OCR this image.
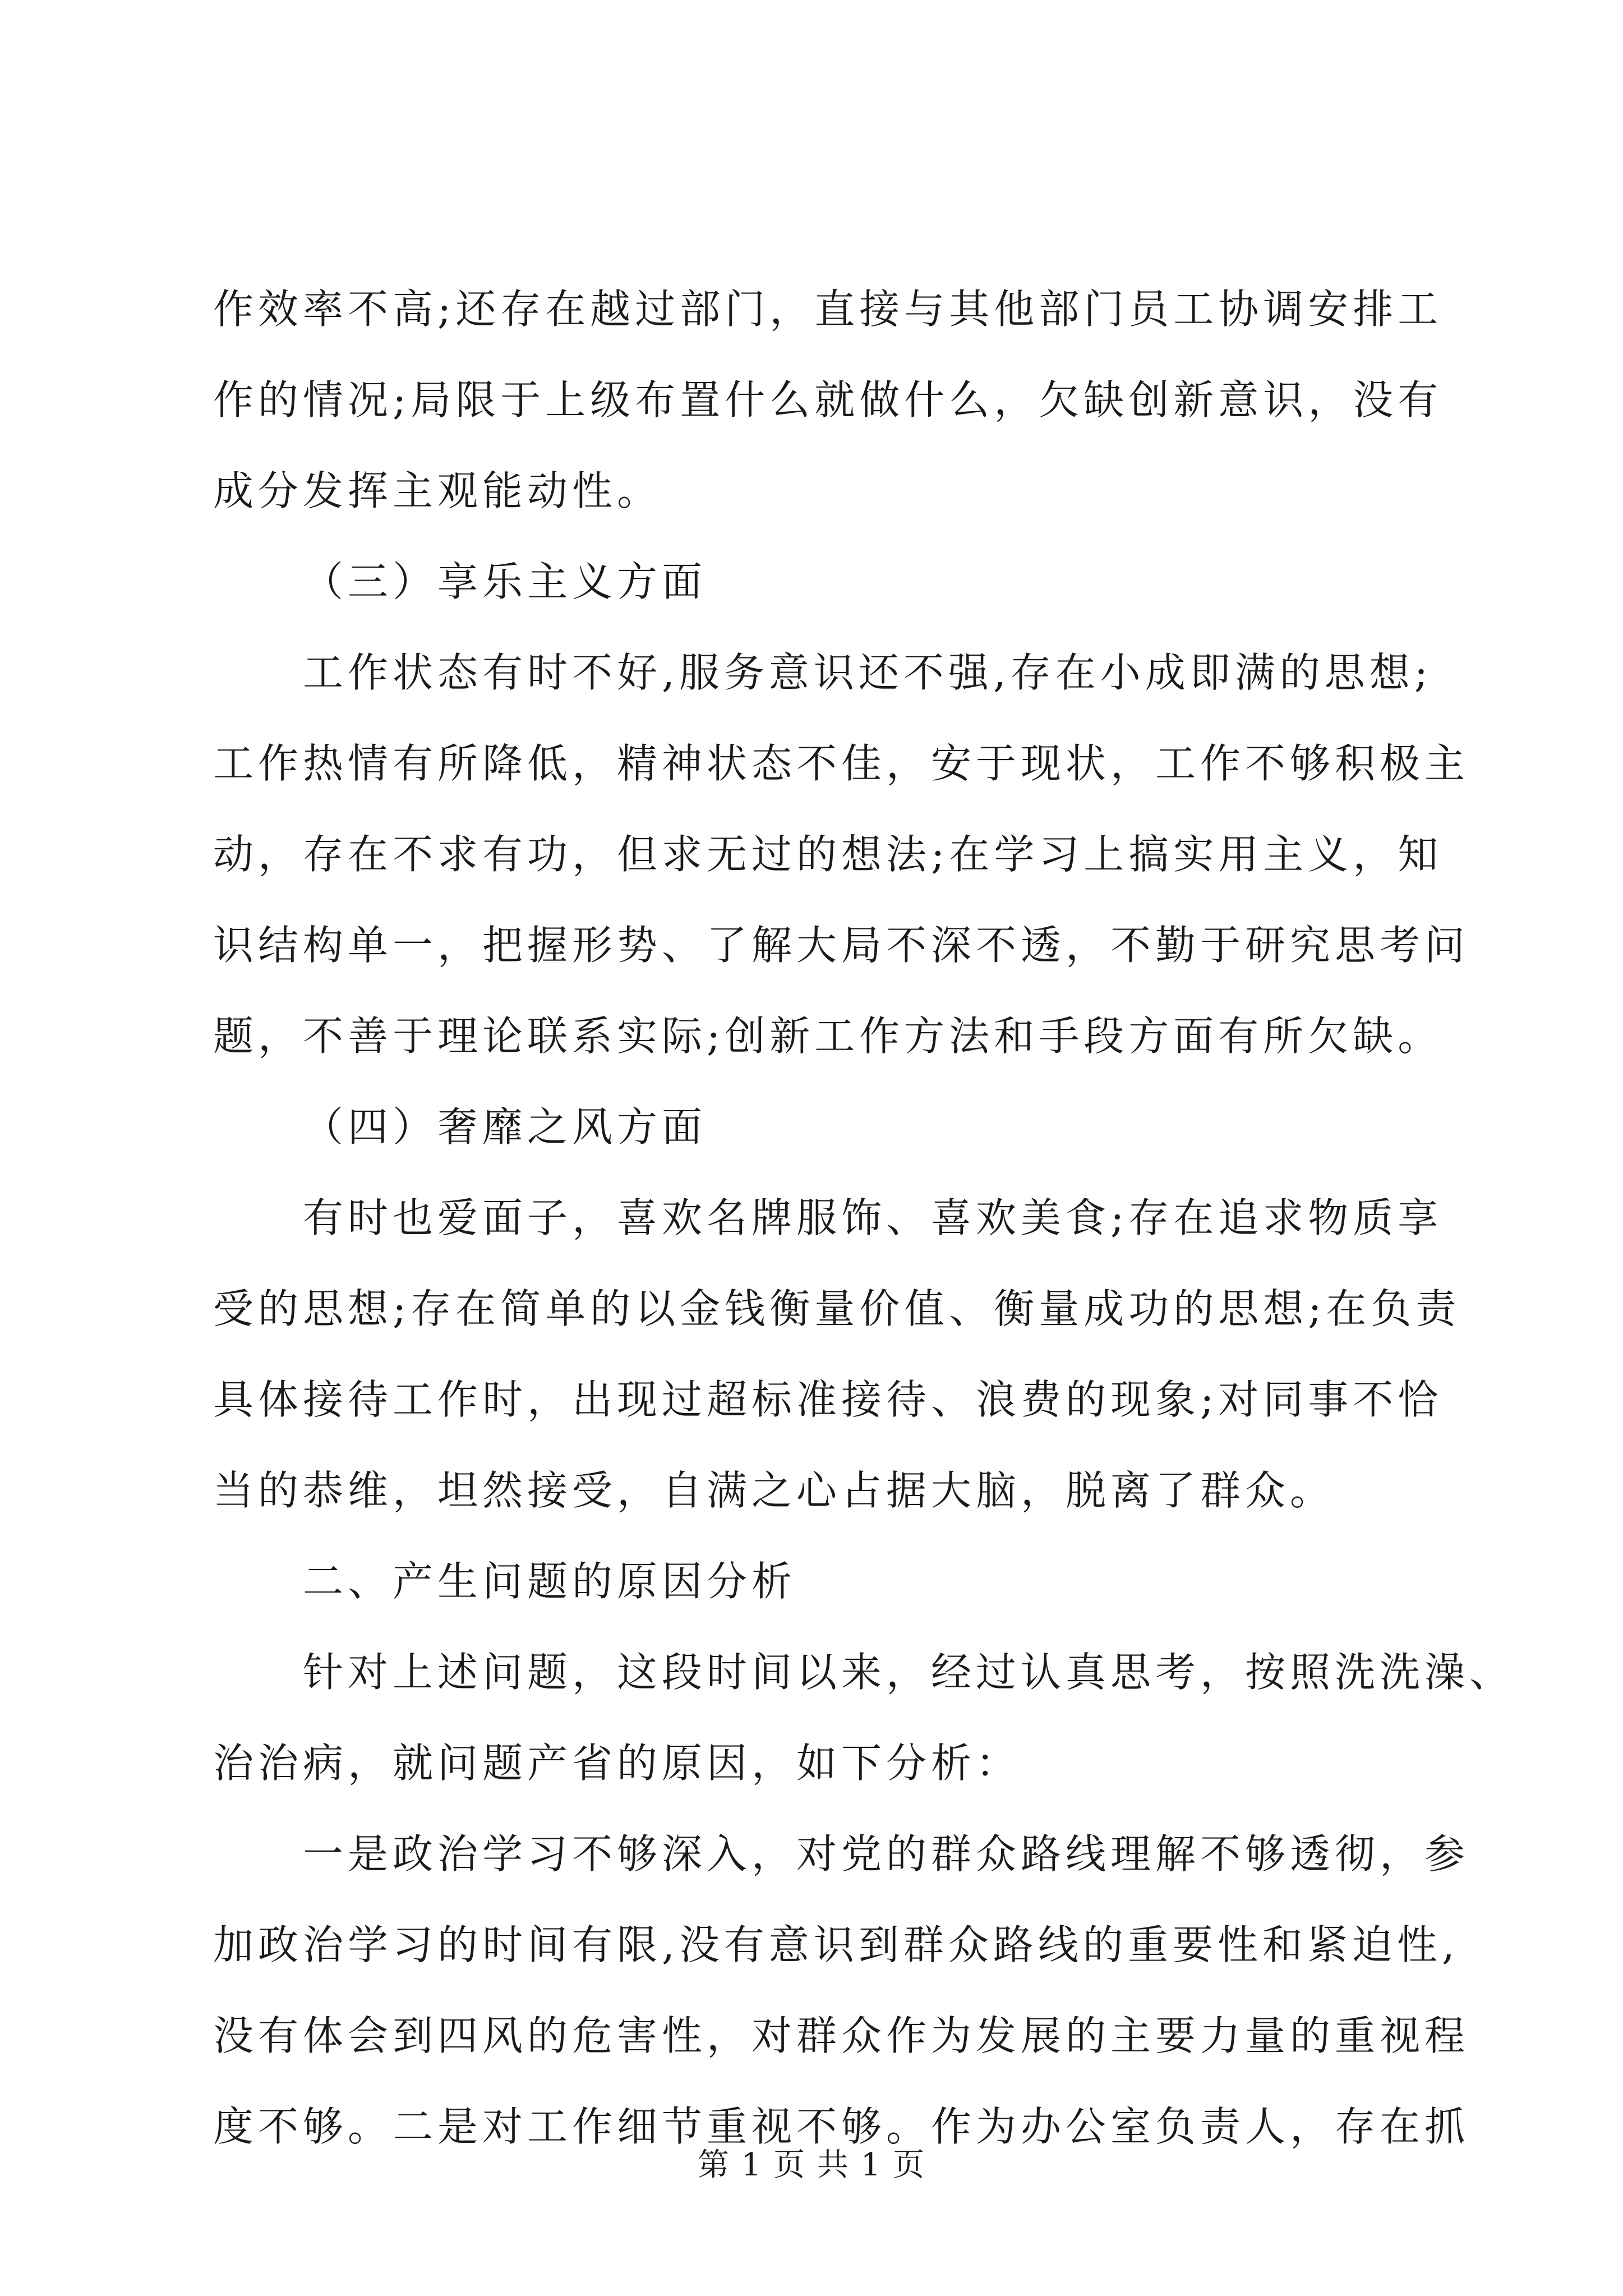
作效率不高;还存在越过部门，直接与其他部门员工协调安排工
作的情况;局限于上级布置什么就做什么，欠缺创新意识，没有
成分发挥主观能动性。
（三）享乐主义方面
工作状态有时不好,服务意识还不强,存在小成即满的思想;
工作热情有所降低，精神状态不佳，安于现状，工作不够积极主
动，存在不求有功，但求无过的想法;在学习上搞实用主义，知
识结构单一，把握形势、了解大局不深不透，不勤于研究思考问
题，不善于理论联系实际;创新工作方法和手段方面有所欠缺。
（四）奢靡之风方面
有时也爱面子，喜欢名牌服饰、喜欢美食;存在追求物质享
受的思想;存在简单的以金钱衡量价值、衡量成功的思想;在负责
具体接待工作时，出现过超标准接待、浪费的现象;对同事不恰
当的恭维，坦然接受，自满之心占据大脑，脱离了群众。
二、产生问题的原因分析
针对上述问题，这段时间以来，经过认真思考，按照洗洗澡、
治治病，就问题产省的原因，如下分析：
一是政治学习不够深入，对党的群众路线理解不够透彻，参
加政治学习的时间有限,没有意识到群众路线的重要性和紧迫性,
没有体会到四风的危害性，对群众作为发展的主要力量的重视程
度不够。二是对工作细节重视不够。作为办公室负责人，存在抓
第 1 页 共 1 页
